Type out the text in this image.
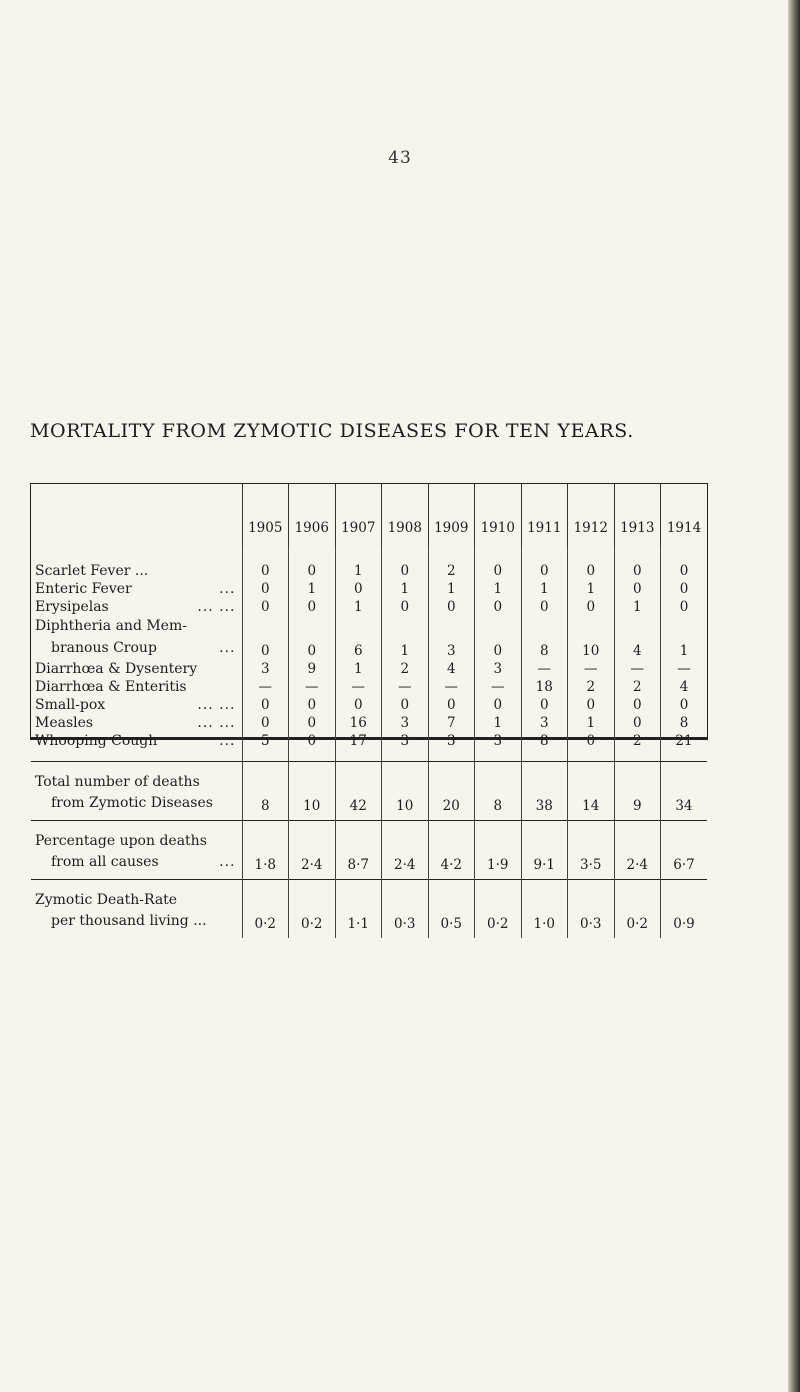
43
MORTALITY FROM ZYMOTIC DISEASES FOR TEN YEARS.
	1905	1906	1907	1908	1909	1910	1911	1912	1913	1914
Scarlet Fever ...	0	0	1	0	2	0	0	0	0	0
Enteric Fever ...	0	1	0	1	1	1	1	1	0	0
Erysipelas ... ...	0	0	1	0	0	0	0	0	1	0

Diphtheria and Mem-
branous Croup ...	0	0	6	1	3	0	8	10	4	1
Diarrhœa & Dysentery	3	9	1	2	4	3	—	—	—	—
Diarrhœa & Enteritis	—	—	—	—	—	—	18	2	2	4
Small-pox ... ...	0	0	0	0	0	0	0	0	0	0
Measles ... ...	0	0	16	3	7	1	3	1	0	8
Whooping Cough ...	5	0	17	3	3	3	8	0	2	21

Total number of deaths
from Zymotic Diseases	8	10	42	10	20	8	38	14	9	34

Percentage upon deaths
from all causes ...	1·8	2·4	8·7	2·4	4·2	1·9	9·1	3·5	2·4	6·7

Zymotic Death-Rate
per thousand living ...	0·2	0·2	1·1	0·3	0·5	0·2	1·0	0·3	0·2	0·9
